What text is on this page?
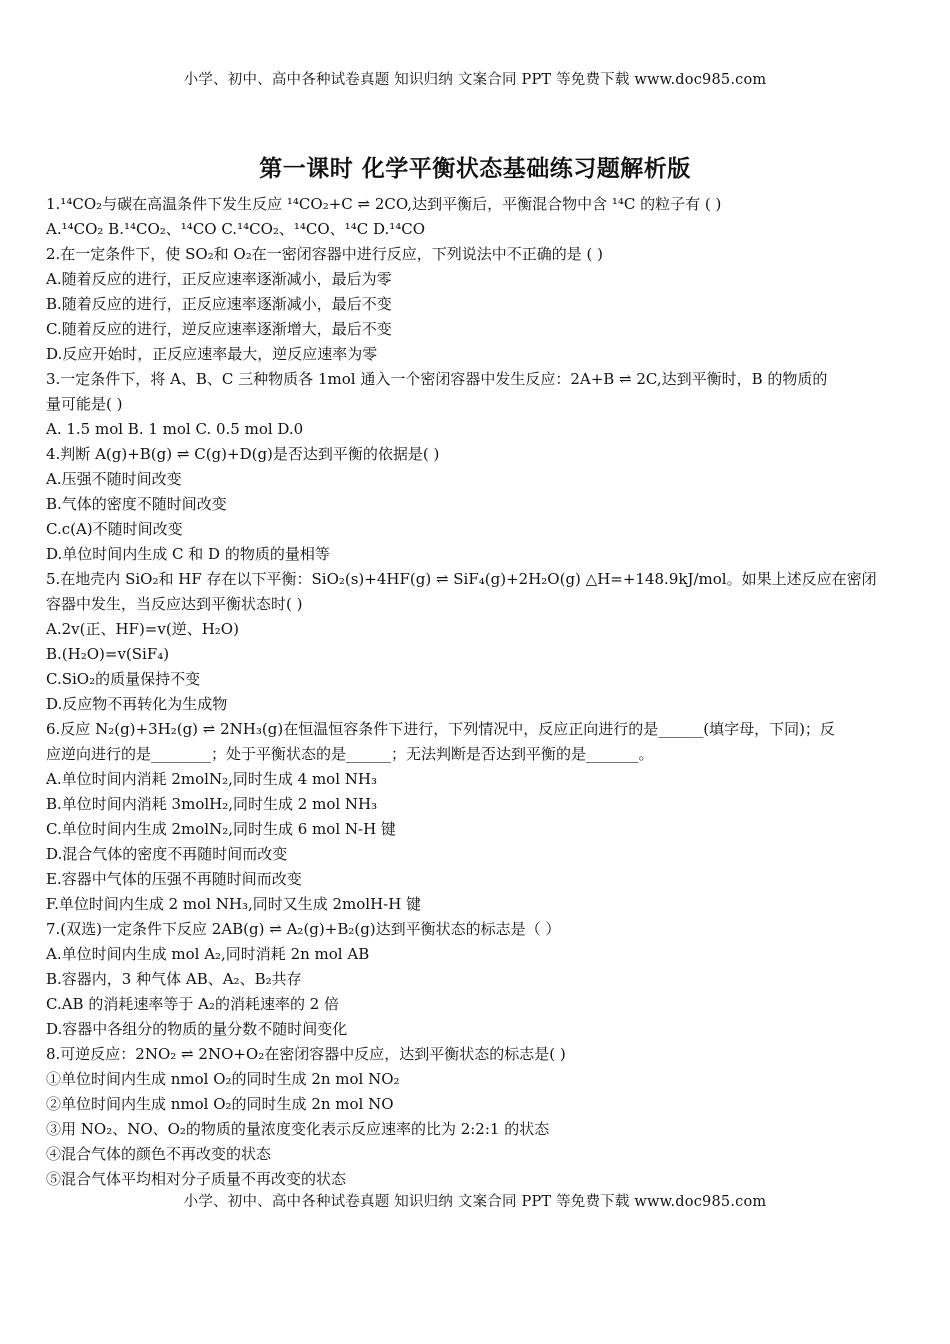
小学、初中、高中各种试卷真题 知识归纳 文案合同 PPT 等免费下载 www.doc985.com
第一课时 化学平衡状态基础练习题解析版
1.¹⁴CO₂与碳在高温条件下发生反应 ¹⁴CO₂+C ⇌ 2CO,达到平衡后，平衡混合物中含 ¹⁴C 的粒子有 ( )
A.¹⁴CO₂ B.¹⁴CO₂、¹⁴CO C.¹⁴CO₂、¹⁴CO、¹⁴C D.¹⁴CO
2.在一定条件下，使 SO₂和 O₂在一密闭容器中进行反应，下列说法中不正确的是 ( )
A.随着反应的进行，正反应速率逐渐减小，最后为零
B.随着反应的进行，正反应速率逐渐减小，最后不变
C.随着反应的进行，逆反应速率逐渐增大，最后不变
D.反应开始时，正反应速率最大，逆反应速率为零
3.一定条件下，将 A、B、C 三种物质各 1mol 通入一个密闭容器中发生反应：2A+B ⇌ 2C,达到平衡时，B 的物质的
量可能是( )
A. 1.5 mol B. 1 mol C. 0.5 mol D.0
4.判断 A(g)+B(g) ⇌ C(g)+D(g)是否达到平衡的依据是( )
A.压强不随时间改变
B.气体的密度不随时间改变
C.c(A)不随时间改变
D.单位时间内生成 C 和 D 的物质的量相等
5.在地壳内 SiO₂和 HF 存在以下平衡：SiO₂(s)+4HF(g) ⇌ SiF₄(g)+2H₂O(g) △H=+148.9kJ/mol。如果上述反应在密闭
容器中发生，当反应达到平衡状态时( )
A.2v(正、HF)=v(逆、H₂O)
B.(H₂O)=v(SiF₄)
C.SiO₂的质量保持不变
D.反应物不再转化为生成物
6.反应 N₂(g)+3H₂(g) ⇌ 2NH₃(g)在恒温恒容条件下进行，下列情况中，反应正向进行的是______(填字母，下同)；反
应逆向进行的是________；处于平衡状态的是______；无法判断是否达到平衡的是_______。
A.单位时间内消耗 2molN₂,同时生成 4 mol NH₃
B.单位时间内消耗 3molH₂,同时生成 2 mol NH₃
C.单位时间内生成 2molN₂,同时生成 6 mol N-H 键
D.混合气体的密度不再随时间而改变
E.容器中气体的压强不再随时间而改变
F.单位时间内生成 2 mol NH₃,同时又生成 2molH-H 键
7.(双选)一定条件下反应 2AB(g) ⇌ A₂(g)+B₂(g)达到平衡状态的标志是（ ）
A.单位时间内生成 mol A₂,同时消耗 2n mol AB
B.容器内，3 种气体 AB、A₂、B₂共存
C.AB 的消耗速率等于 A₂的消耗速率的 2 倍
D.容器中各组分的物质的量分数不随时间变化
8.可逆反应：2NO₂ ⇌ 2NO+O₂在密闭容器中反应，达到平衡状态的标志是( )
①单位时间内生成 nmol O₂的同时生成 2n mol NO₂
②单位时间内生成 nmol O₂的同时生成 2n mol NO
③用 NO₂、NO、O₂的物质的量浓度变化表示反应速率的比为 2:2:1 的状态
④混合气体的颜色不再改变的状态
⑤混合气体平均相对分子质量不再改变的状态
小学、初中、高中各种试卷真题 知识归纳 文案合同 PPT 等免费下载 www.doc985.com
